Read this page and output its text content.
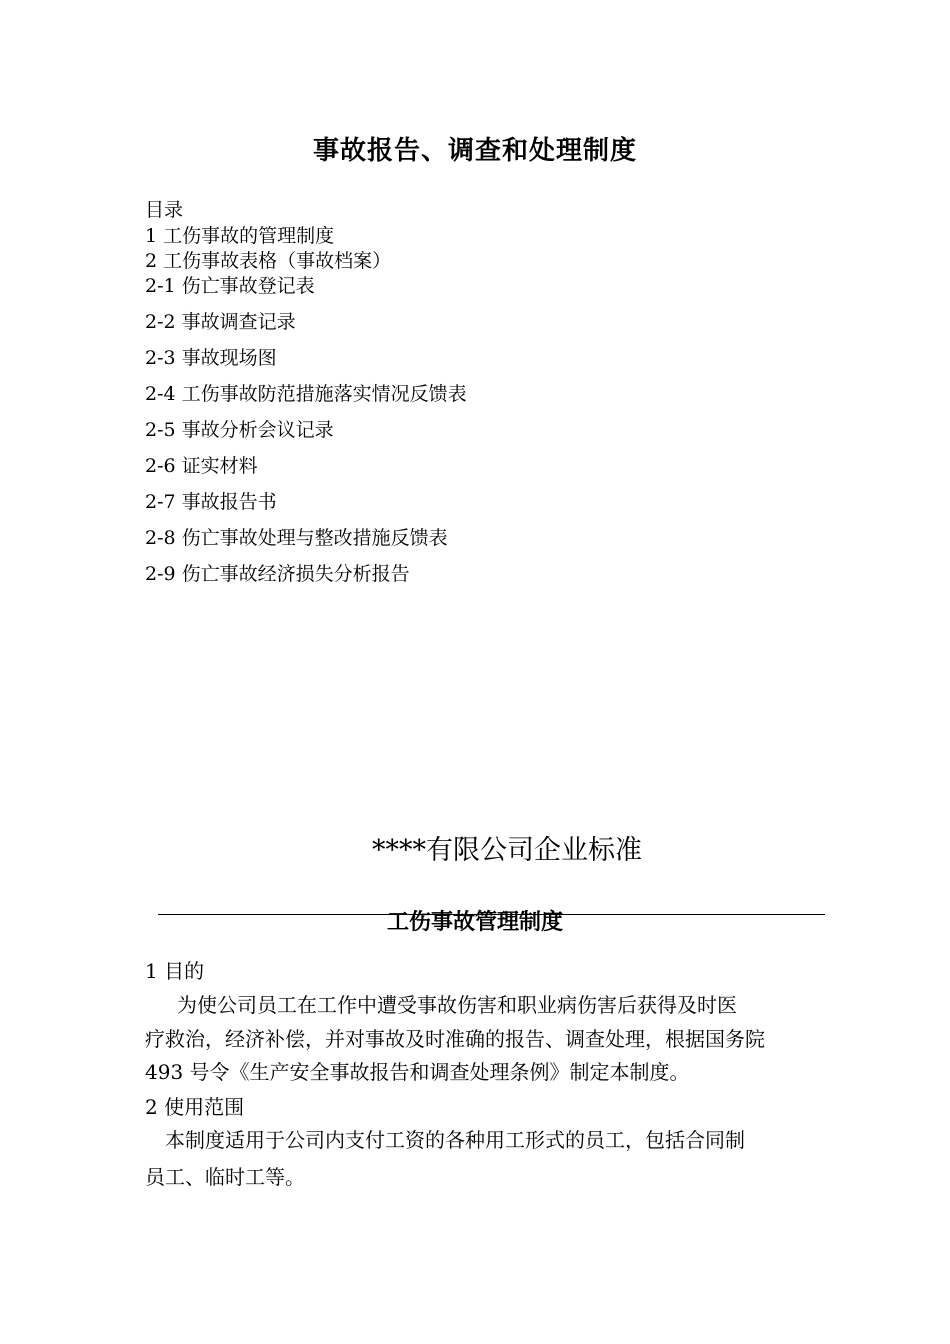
事故报告、调查和处理制度
目录
1 工伤事故的管理制度
2 工伤事故表格（事故档案）
2-1 伤亡事故登记表
2-2 事故调查记录
2-3 事故现场图
2-4 工伤事故防范措施落实情况反馈表
2-5 事故分析会议记录
2-6 证实材料
2-7 事故报告书
2-8 伤亡事故处理与整改措施反馈表
2-9 伤亡事故经济损失分析报告
****有限公司企业标准
工伤事故管理制度
1 目的
为使公司员工在工作中遭受事故伤害和职业病伤害后获得及时医
疗救治，经济补偿，并对事故及时准确的报告、调查处理，根据国务院
493 号令《生产安全事故报告和调查处理条例》制定本制度。
2 使用范围
本制度适用于公司内支付工资的各种用工形式的员工，包括合同制
员工、临时工等。
